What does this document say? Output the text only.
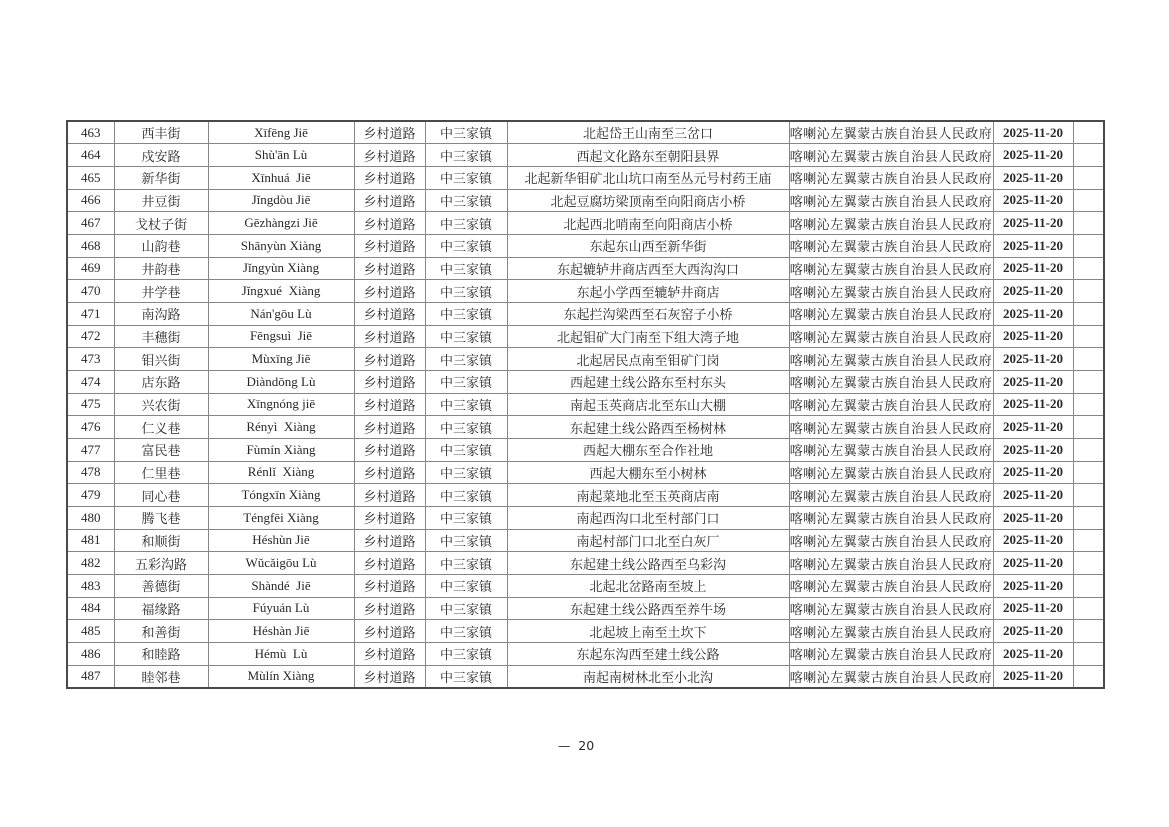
463	西丰街	Xīfēng Jiē	乡村道路	中三家镇	北起岱王山南至三岔口	喀喇沁左翼蒙古族自治县人民政府	2025-11-20	
464	戍安路	Shù'ān Lù	乡村道路	中三家镇	西起文化路东至朝阳县界	喀喇沁左翼蒙古族自治县人民政府	2025-11-20	
465	新华街	Xīnhuá  Jiē	乡村道路	中三家镇	北起新华钼矿北山坑口南至丛元号村药王庙	喀喇沁左翼蒙古族自治县人民政府	2025-11-20	
466	井豆街	Jǐngdòu Jiē	乡村道路	中三家镇	北起豆腐坊梁顶南至向阳商店小桥	喀喇沁左翼蒙古族自治县人民政府	2025-11-20	
467	戈杖子街	Gēzhàngzi Jiē	乡村道路	中三家镇	北起西北哨南至向阳商店小桥	喀喇沁左翼蒙古族自治县人民政府	2025-11-20	
468	山韵巷	Shānyùn Xiàng	乡村道路	中三家镇	东起东山西至新华街	喀喇沁左翼蒙古族自治县人民政府	2025-11-20	
469	井韵巷	Jǐngyùn Xiàng	乡村道路	中三家镇	东起辘轳井商店西至大西沟沟口	喀喇沁左翼蒙古族自治县人民政府	2025-11-20	
470	井学巷	Jǐngxué  Xiàng	乡村道路	中三家镇	东起小学西至辘轳井商店	喀喇沁左翼蒙古族自治县人民政府	2025-11-20	
471	南沟路	Nán'gōu Lù	乡村道路	中三家镇	东起拦沟梁西至石灰窑子小桥	喀喇沁左翼蒙古族自治县人民政府	2025-11-20	
472	丰穗街	Fēngsuì  Jiē	乡村道路	中三家镇	北起钼矿大门南至下组大湾子地	喀喇沁左翼蒙古族自治县人民政府	2025-11-20	
473	钼兴街	Mùxīng Jiē	乡村道路	中三家镇	北起居民点南至钼矿门岗	喀喇沁左翼蒙古族自治县人民政府	2025-11-20	
474	店东路	Diàndōng Lù	乡村道路	中三家镇	西起建土线公路东至村东头	喀喇沁左翼蒙古族自治县人民政府	2025-11-20	
475	兴农街	Xīngnóng jiē	乡村道路	中三家镇	南起玉英商店北至东山大棚	喀喇沁左翼蒙古族自治县人民政府	2025-11-20	
476	仁义巷	Rényì  Xiàng	乡村道路	中三家镇	东起建土线公路西至杨树林	喀喇沁左翼蒙古族自治县人民政府	2025-11-20	
477	富民巷	Fùmín Xiàng	乡村道路	中三家镇	西起大棚东至合作社地	喀喇沁左翼蒙古族自治县人民政府	2025-11-20	
478	仁里巷	Rénlǐ  Xiàng	乡村道路	中三家镇	西起大棚东至小树林	喀喇沁左翼蒙古族自治县人民政府	2025-11-20	
479	同心巷	Tóngxīn Xiàng	乡村道路	中三家镇	南起菜地北至玉英商店南	喀喇沁左翼蒙古族自治县人民政府	2025-11-20	
480	腾飞巷	Téngfēi Xiàng	乡村道路	中三家镇	南起西沟口北至村部门口	喀喇沁左翼蒙古族自治县人民政府	2025-11-20	
481	和顺街	Héshùn Jiē	乡村道路	中三家镇	南起村部门口北至白灰厂	喀喇沁左翼蒙古族自治县人民政府	2025-11-20	
482	五彩沟路	Wǔcǎigōu Lù	乡村道路	中三家镇	东起建土线公路西至乌彩沟	喀喇沁左翼蒙古族自治县人民政府	2025-11-20	
483	善德街	Shàndé  Jiē	乡村道路	中三家镇	北起北岔路南至坡上	喀喇沁左翼蒙古族自治县人民政府	2025-11-20	
484	福缘路	Fúyuán Lù	乡村道路	中三家镇	东起建土线公路西至养牛场	喀喇沁左翼蒙古族自治县人民政府	2025-11-20	
485	和善街	Héshàn Jiē	乡村道路	中三家镇	北起坡上南至土坎下	喀喇沁左翼蒙古族自治县人民政府	2025-11-20	
486	和睦路	Hémù  Lù	乡村道路	中三家镇	东起东沟西至建土线公路	喀喇沁左翼蒙古族自治县人民政府	2025-11-20	
487	睦邻巷	Mùlín Xiàng	乡村道路	中三家镇	南起南树林北至小北沟	喀喇沁左翼蒙古族自治县人民政府	2025-11-20	
—  20
